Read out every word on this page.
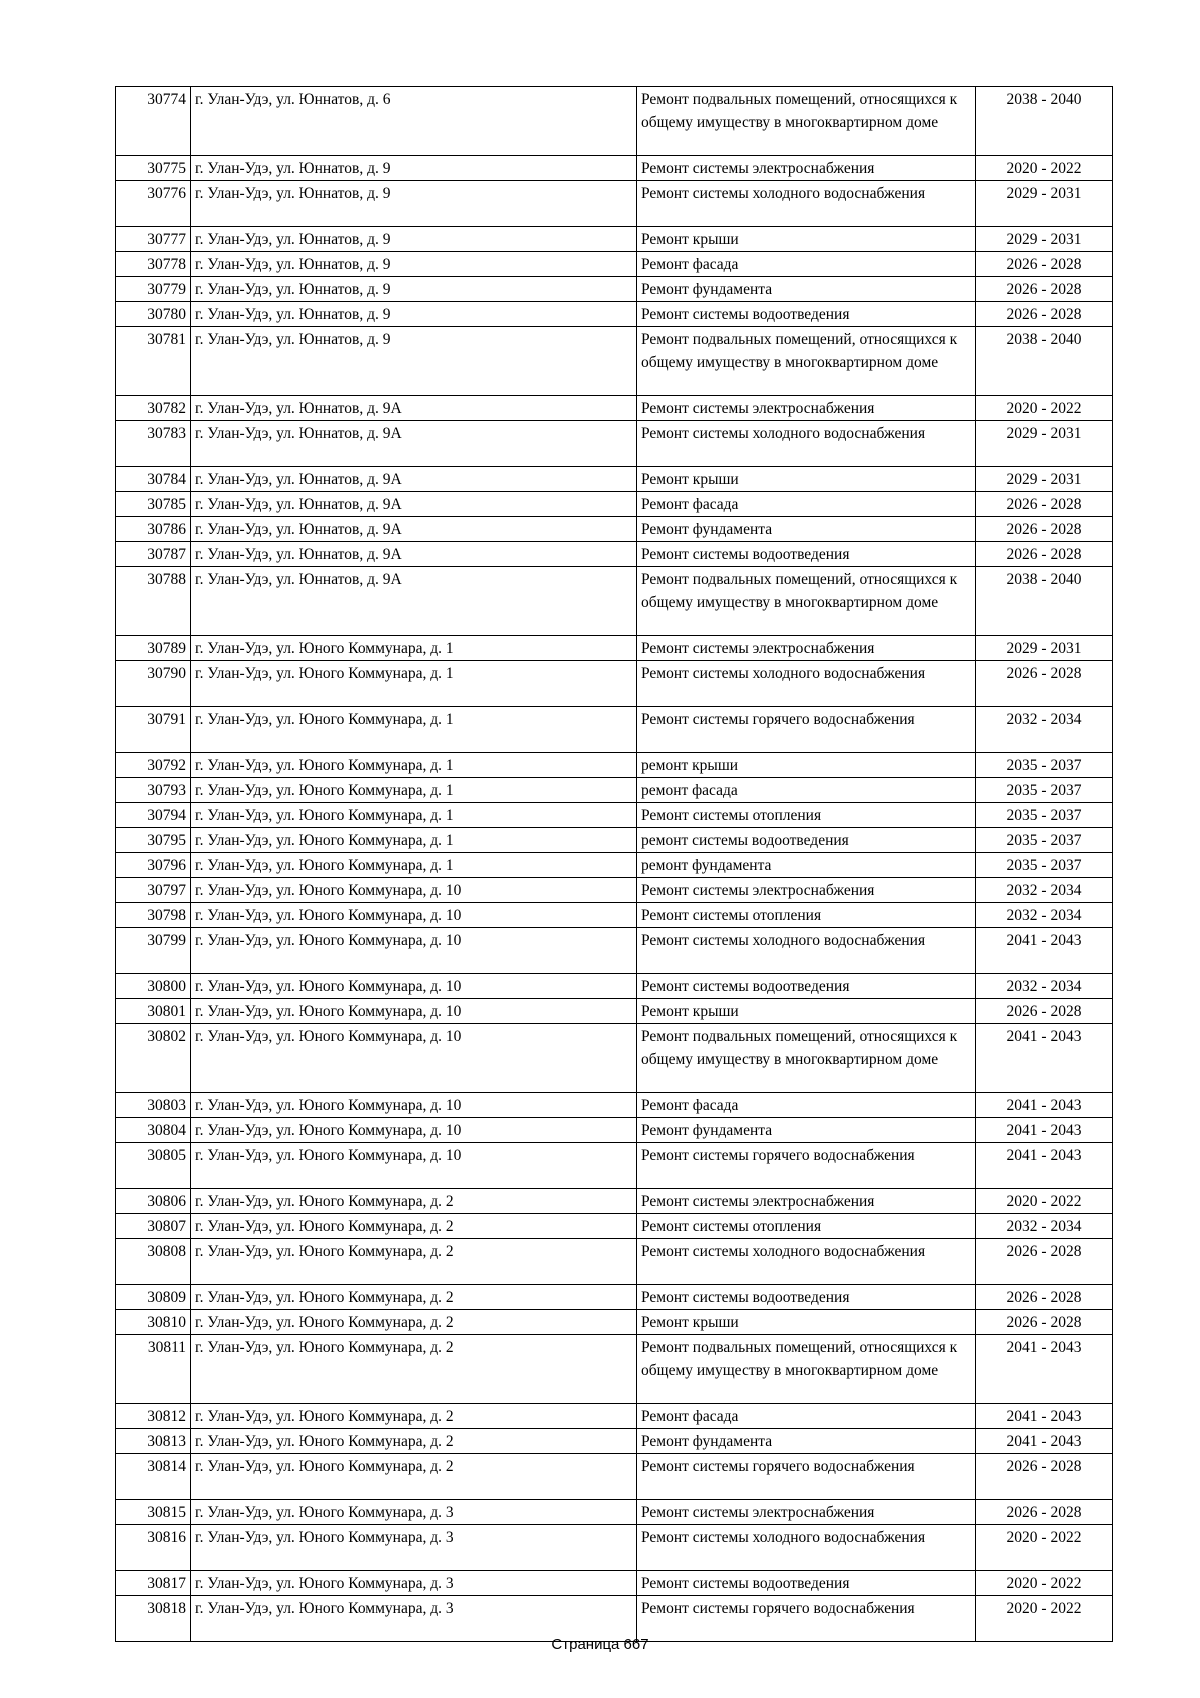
30774	г. Улан-Удэ, ул. Юннатов, д. 6	Ремонт подвальных помещений, относящихся к общему имуществу в многоквартирном доме	2038 - 2040
30775	г. Улан-Удэ, ул. Юннатов, д. 9	Ремонт системы электроснабжения	2020 - 2022
30776	г. Улан-Удэ, ул. Юннатов, д. 9	Ремонт системы холодного водоснабжения	2029 - 2031
30777	г. Улан-Удэ, ул. Юннатов, д. 9	Ремонт крыши	2029 - 2031
30778	г. Улан-Удэ, ул. Юннатов, д. 9	Ремонт фасада	2026 - 2028
30779	г. Улан-Удэ, ул. Юннатов, д. 9	Ремонт фундамента	2026 - 2028
30780	г. Улан-Удэ, ул. Юннатов, д. 9	Ремонт системы водоотведения	2026 - 2028
30781	г. Улан-Удэ, ул. Юннатов, д. 9	Ремонт подвальных помещений, относящихся к общему имуществу в многоквартирном доме	2038 - 2040
30782	г. Улан-Удэ, ул. Юннатов, д. 9А	Ремонт системы электроснабжения	2020 - 2022
30783	г. Улан-Удэ, ул. Юннатов, д. 9А	Ремонт системы холодного водоснабжения	2029 - 2031
30784	г. Улан-Удэ, ул. Юннатов, д. 9А	Ремонт крыши	2029 - 2031
30785	г. Улан-Удэ, ул. Юннатов, д. 9А	Ремонт фасада	2026 - 2028
30786	г. Улан-Удэ, ул. Юннатов, д. 9А	Ремонт фундамента	2026 - 2028
30787	г. Улан-Удэ, ул. Юннатов, д. 9А	Ремонт системы водоотведения	2026 - 2028
30788	г. Улан-Удэ, ул. Юннатов, д. 9А	Ремонт подвальных помещений, относящихся к общему имуществу в многоквартирном доме	2038 - 2040
30789	г. Улан-Удэ, ул. Юного Коммунара, д. 1	Ремонт системы электроснабжения	2029 - 2031
30790	г. Улан-Удэ, ул. Юного Коммунара, д. 1	Ремонт системы холодного водоснабжения	2026 - 2028
30791	г. Улан-Удэ, ул. Юного Коммунара, д. 1	Ремонт системы горячего водоснабжения	2032 - 2034
30792	г. Улан-Удэ, ул. Юного Коммунара, д. 1	ремонт крыши	2035 - 2037
30793	г. Улан-Удэ, ул. Юного Коммунара, д. 1	ремонт фасада	2035 - 2037
30794	г. Улан-Удэ, ул. Юного Коммунара, д. 1	Ремонт системы отопления	2035 - 2037
30795	г. Улан-Удэ, ул. Юного Коммунара, д. 1	ремонт системы водоотведения	2035 - 2037
30796	г. Улан-Удэ, ул. Юного Коммунара, д. 1	ремонт фундамента	2035 - 2037
30797	г. Улан-Удэ, ул. Юного Коммунара, д. 10	Ремонт системы электроснабжения	2032 - 2034
30798	г. Улан-Удэ, ул. Юного Коммунара, д. 10	Ремонт системы отопления	2032 - 2034
30799	г. Улан-Удэ, ул. Юного Коммунара, д. 10	Ремонт системы холодного водоснабжения	2041 - 2043
30800	г. Улан-Удэ, ул. Юного Коммунара, д. 10	Ремонт системы водоотведения	2032 - 2034
30801	г. Улан-Удэ, ул. Юного Коммунара, д. 10	Ремонт крыши	2026 - 2028
30802	г. Улан-Удэ, ул. Юного Коммунара, д. 10	Ремонт подвальных помещений, относящихся к общему имуществу в многоквартирном доме	2041 - 2043
30803	г. Улан-Удэ, ул. Юного Коммунара, д. 10	Ремонт фасада	2041 - 2043
30804	г. Улан-Удэ, ул. Юного Коммунара, д. 10	Ремонт фундамента	2041 - 2043
30805	г. Улан-Удэ, ул. Юного Коммунара, д. 10	Ремонт системы горячего водоснабжения	2041 - 2043
30806	г. Улан-Удэ, ул. Юного Коммунара, д. 2	Ремонт системы электроснабжения	2020 - 2022
30807	г. Улан-Удэ, ул. Юного Коммунара, д. 2	Ремонт системы отопления	2032 - 2034
30808	г. Улан-Удэ, ул. Юного Коммунара, д. 2	Ремонт системы холодного водоснабжения	2026 - 2028
30809	г. Улан-Удэ, ул. Юного Коммунара, д. 2	Ремонт системы водоотведения	2026 - 2028
30810	г. Улан-Удэ, ул. Юного Коммунара, д. 2	Ремонт крыши	2026 - 2028
30811	г. Улан-Удэ, ул. Юного Коммунара, д. 2	Ремонт подвальных помещений, относящихся к общему имуществу в многоквартирном доме	2041 - 2043
30812	г. Улан-Удэ, ул. Юного Коммунара, д. 2	Ремонт фасада	2041 - 2043
30813	г. Улан-Удэ, ул. Юного Коммунара, д. 2	Ремонт фундамента	2041 - 2043
30814	г. Улан-Удэ, ул. Юного Коммунара, д. 2	Ремонт системы горячего водоснабжения	2026 - 2028
30815	г. Улан-Удэ, ул. Юного Коммунара, д. 3	Ремонт системы электроснабжения	2026 - 2028
30816	г. Улан-Удэ, ул. Юного Коммунара, д. 3	Ремонт системы холодного водоснабжения	2020 - 2022
30817	г. Улан-Удэ, ул. Юного Коммунара, д. 3	Ремонт системы водоотведения	2020 - 2022
30818	г. Улан-Удэ, ул. Юного Коммунара, д. 3	Ремонт системы горячего водоснабжения	2020 - 2022
Страница 667
